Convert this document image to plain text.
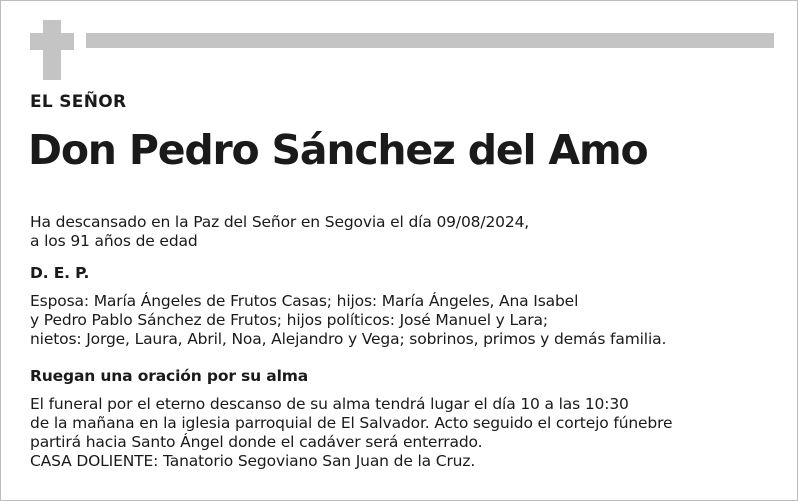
EL SEÑOR
Don Pedro Sánchez del Amo
Ha descansado en la Paz del Señor en Segovia el día 09/08/2024,
a los 91 años de edad
D. E. P.
Esposa: María Ángeles de Frutos Casas; hijos: María Ángeles, Ana Isabel
y Pedro Pablo Sánchez de Frutos; hijos políticos: José Manuel y Lara;
nietos: Jorge, Laura, Abril, Noa, Alejandro y Vega; sobrinos, primos y demás familia.
Ruegan una oración por su alma
El funeral por el eterno descanso de su alma tendrá lugar el día 10 a las 10:30
de la mañana en la iglesia parroquial de El Salvador. Acto seguido el cortejo fúnebre
partirá hacia Santo Ángel donde el cadáver será enterrado.
CASA DOLIENTE: Tanatorio Segoviano San Juan de la Cruz.
